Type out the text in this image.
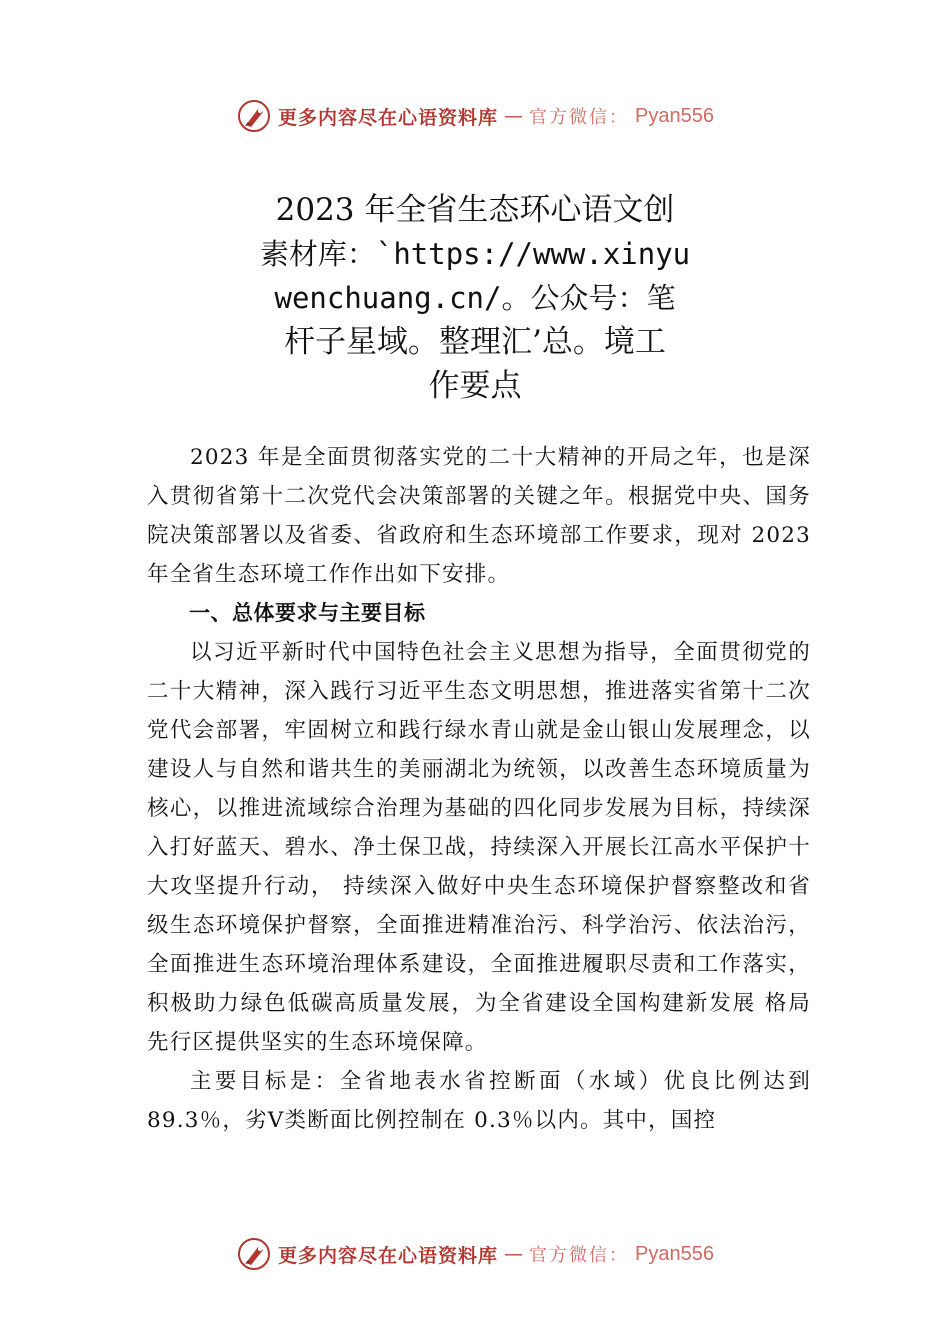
更多内容尽在心语资料库 — 官方微信： Pyan556
2023 年全省生态环心语文创
素材库：`https://www.xinyu
wenchuang.cn/。公众号：笔
杆子星域。整理汇’总。境工
作要点

2023 年是全面贯彻落实党的二十大精神的开局之年，也是深入贯彻省第十二次党代会决策部署的关键之年。根据党中央、国务院决策部署以及省委、省政府和生态环境部工作要求，现对 2023 年全省生态环境工作作出如下安排。

一、总体要求与主要目标

以习近平新时代中国特色社会主义思想为指导，全面贯彻党的二十大精神，深入践行习近平生态文明思想，推进落实省第十二次党代会部署，牢固树立和践行绿水青山就是金山银山发展理念，以建设人与自然和谐共生的美丽湖北为统领，以改善生态环境质量为核心，以推进流域综合治理为基础的四化同步发展为目标，持续深入打好蓝天、碧水、净土保卫战，持续深入开展长江高水平保护十大攻坚提升行动， 持续深入做好中央生态环境保护督察整改和省级生态环境保护督察，全面推进精准治污、科学治污、依法治污，全面推进生态环境治理体系建设，全面推进履职尽责和工作落实， 积极助力绿色低碳高质量发展，为全省建设全国构建新发展 格局先行区提供坚实的生态环境保障。

主要目标是：全省地表水省控断面（水域）优良比例达到 89.3％，劣Ⅴ类断面比例控制在 0.3％以内。其中，国控

更多内容尽在心语资料库 — 官方微信： Pyan556
